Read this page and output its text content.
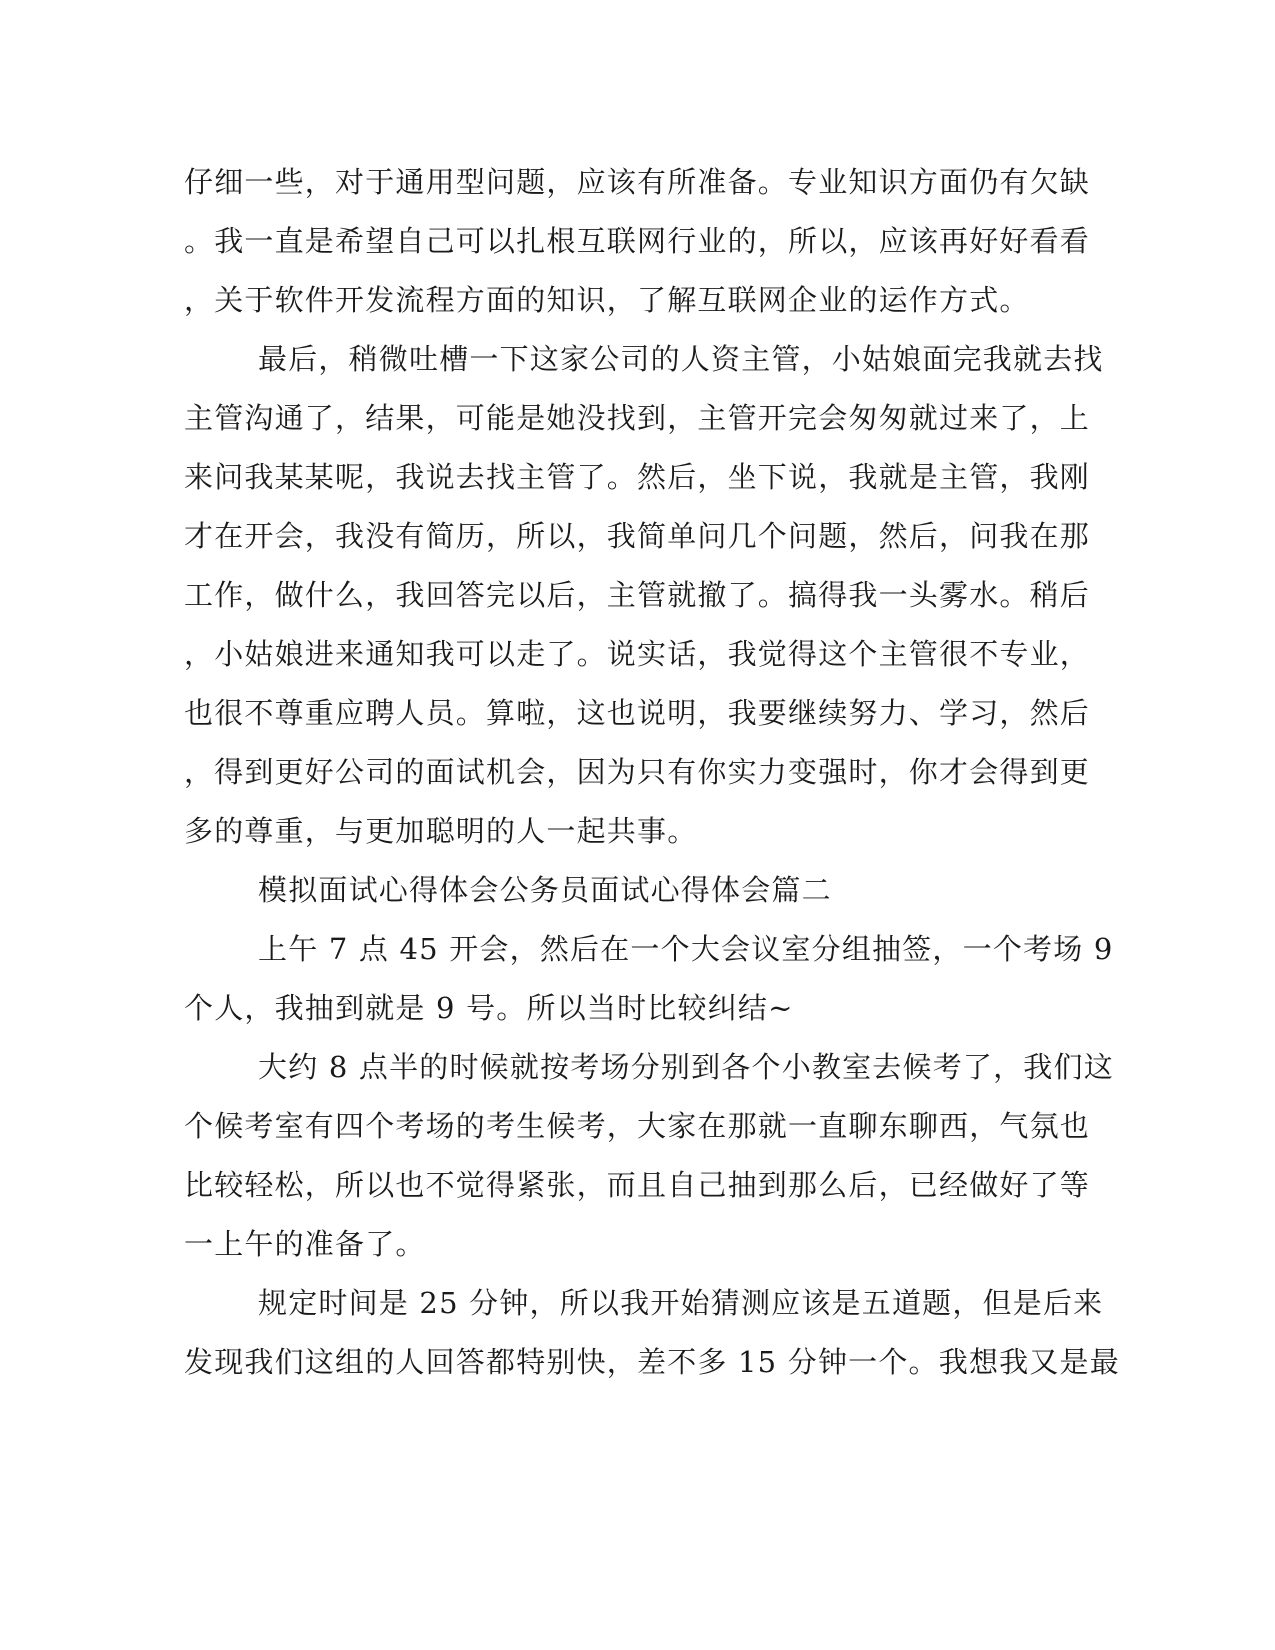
仔细一些，对于通用型问题，应该有所准备。专业知识方面仍有欠缺
。我一直是希望自己可以扎根互联网行业的，所以，应该再好好看看
，关于软件开发流程方面的知识，了解互联网企业的运作方式。
最后，稍微吐槽一下这家公司的人资主管，小姑娘面完我就去找
主管沟通了，结果，可能是她没找到，主管开完会匆匆就过来了，上
来问我某某呢，我说去找主管了。然后，坐下说，我就是主管，我刚
才在开会，我没有简历，所以，我简单问几个问题，然后，问我在那
工作，做什么，我回答完以后，主管就撤了。搞得我一头雾水。稍后
，小姑娘进来通知我可以走了。说实话，我觉得这个主管很不专业，
也很不尊重应聘人员。算啦，这也说明，我要继续努力、学习，然后
，得到更好公司的面试机会，因为只有你实力变强时，你才会得到更
多的尊重，与更加聪明的人一起共事。
模拟面试心得体会公务员面试心得体会篇二
上午 7 点 45 开会，然后在一个大会议室分组抽签，一个考场 9
个人，我抽到就是 9 号。所以当时比较纠结~
大约 8 点半的时候就按考场分别到各个小教室去候考了，我们这
个候考室有四个考场的考生候考，大家在那就一直聊东聊西，气氛也
比较轻松，所以也不觉得紧张，而且自己抽到那么后，已经做好了等
一上午的准备了。
规定时间是 25 分钟，所以我开始猜测应该是五道题，但是后来
发现我们这组的人回答都特别快，差不多 15 分钟一个。我想我又是最
